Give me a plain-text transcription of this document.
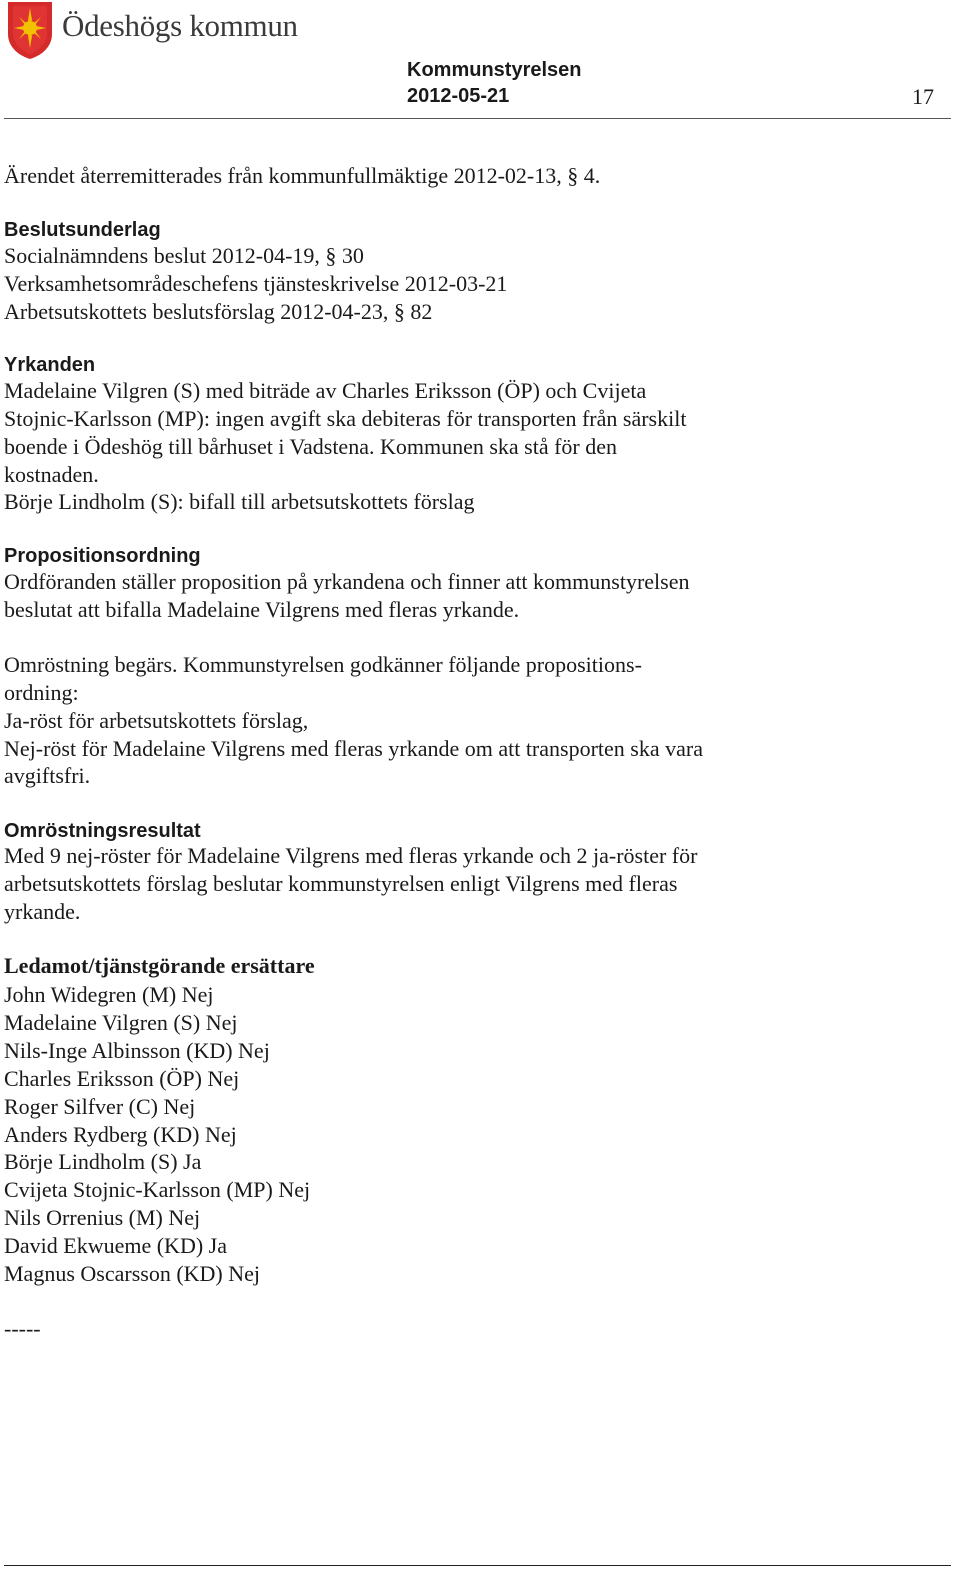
Ödeshögs kommun
Kommunstyrelsen
2012-05-21	17
Ärendet återremitterades från kommunfullmäktige 2012-02-13, § 4.
Beslutsunderlag
Socialnämndens beslut 2012-04-19, § 30
Verksamhetsområdeschefens tjänsteskrivelse 2012-03-21
Arbetsutskottets beslutsförslag 2012-04-23, § 82
Yrkanden
Madelaine Vilgren (S) med biträde av Charles Eriksson (ÖP) och Cvijeta
Stojnic-Karlsson (MP): ingen avgift ska debiteras för transporten från särskilt
boende i Ödeshög till bårhuset i Vadstena. Kommunen ska stå för den
kostnaden.
Börje Lindholm (S): bifall till arbetsutskottets förslag
Propositionsordning
Ordföranden ställer proposition på yrkandena och finner att kommunstyrelsen
beslutat att bifalla Madelaine Vilgrens med fleras yrkande.
Omröstning begärs. Kommunstyrelsen godkänner följande propositions-
ordning:
Ja-röst för arbetsutskottets förslag,
Nej-röst för Madelaine Vilgrens med fleras yrkande om att transporten ska vara
avgiftsfri.
Omröstningsresultat
Med 9 nej-röster för Madelaine Vilgrens med fleras yrkande och 2 ja-röster för
arbetsutskottets förslag beslutar kommunstyrelsen enligt Vilgrens med fleras
yrkande.
Ledamot/tjänstgörande ersättare
John Widegren (M) Nej
Madelaine Vilgren (S) Nej
Nils-Inge Albinsson (KD) Nej
Charles Eriksson (ÖP) Nej
Roger Silfver (C) Nej
Anders Rydberg (KD) Nej
Börje Lindholm (S) Ja
Cvijeta Stojnic-Karlsson (MP) Nej
Nils Orrenius (M) Nej
David Ekwueme (KD) Ja
Magnus Oscarsson (KD) Nej
-----
